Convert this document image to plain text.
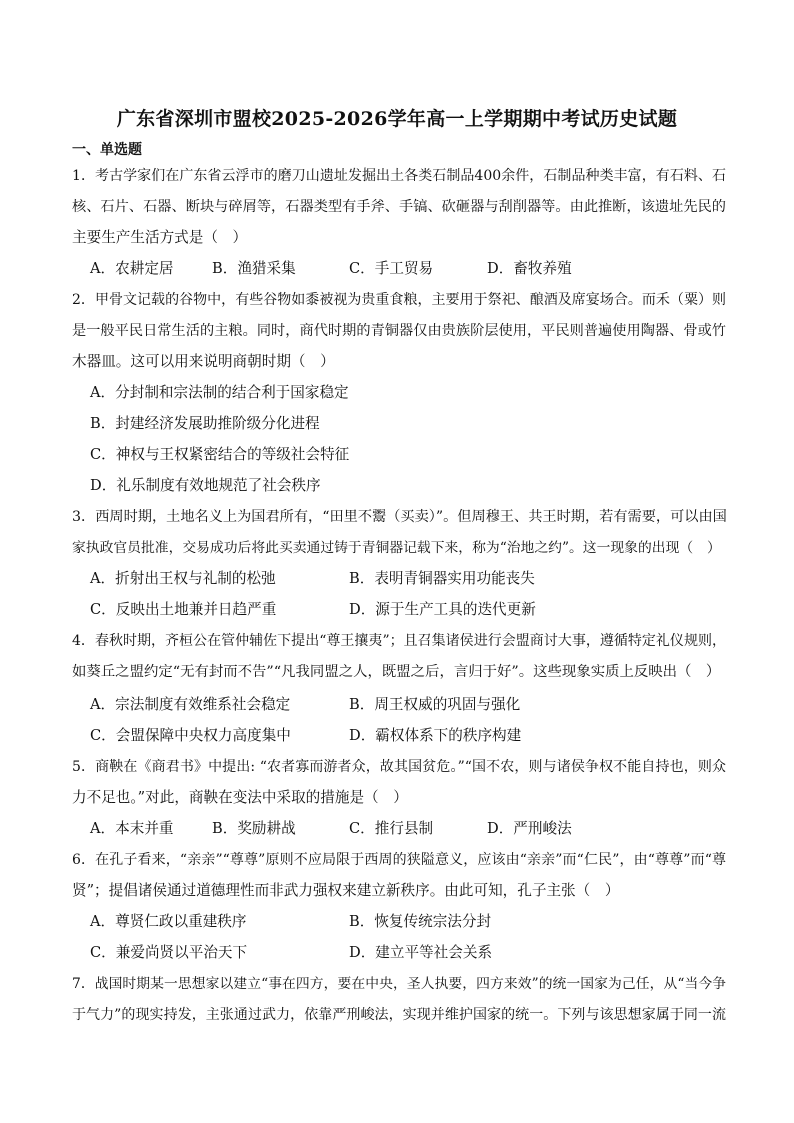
广东省深圳市盟校2025-2026学年高一上学期期中考试历史试题
一、单选题
1．考古学家们在广东省云浮市的磨刀山遗址发掘出土各类石制品400余件，石制品种类丰富，有石料、石
核、石片、石器、断块与碎屑等，石器类型有手斧、手镐、砍砸器与刮削器等。由此推断，该遗址先民的
主要生产生活方式是（　）
A．农耕定居	B．渔猎采集	C．手工贸易	D．畜牧养殖
2．甲骨文记载的谷物中，有些谷物如黍被视为贵重食粮，主要用于祭祀、酿酒及席宴场合。而禾（粟）则
是一般平民日常生活的主粮。同时，商代时期的青铜器仅由贵族阶层使用，平民则普遍使用陶器、骨或竹
木器皿。这可以用来说明商朝时期（　）
A．分封制和宗法制的结合利于国家稳定
B．封建经济发展助推阶级分化进程
C．神权与王权紧密结合的等级社会特征
D．礼乐制度有效地规范了社会秩序
3．西周时期，土地名义上为国君所有，“田里不鬻（买卖）”。但周穆王、共王时期，若有需要，可以由国
家执政官员批准，交易成功后将此买卖通过铸于青铜器记载下来，称为“治地之约”。这一现象的出现（　）
A．折射出王权与礼制的松弛	B．表明青铜器实用功能丧失
C．反映出土地兼并日趋严重	D．源于生产工具的迭代更新
4．春秋时期，齐桓公在管仲辅佐下提出“尊王攘夷”；且召集诸侯进行会盟商讨大事，遵循特定礼仪规则，
如葵丘之盟约定“无有封而不告”“凡我同盟之人，既盟之后，言归于好”。这些现象实质上反映出（　）
A．宗法制度有效维系社会稳定	B．周王权威的巩固与强化
C．会盟保障中央权力高度集中	D．霸权体系下的秩序构建
5．商鞅在《商君书》中提出: “农者寡而游者众，故其国贫危。”“国不农，则与诸侯争权不能自持也，则众
力不足也。”对此，商鞅在变法中采取的措施是（　）
A．本末并重	B．奖励耕战	C．推行县制	D．严刑峻法
6．在孔子看来，“亲亲”“尊尊”原则不应局限于西周的狭隘意义，应该由“亲亲”而“仁民”，由“尊尊”而“尊
贤”；提倡诸侯通过道德理性而非武力强权来建立新秩序。由此可知，孔子主张（　）
A．尊贤仁政以重建秩序	B．恢复传统宗法分封
C．兼爱尚贤以平治天下	D．建立平等社会关系
7．战国时期某一思想家以建立“事在四方，要在中央，圣人执要，四方来效”的统一国家为己任，从“当今争
于气力”的现实持发，主张通过武力，依靠严刑峻法，实现并维护国家的统一。下列与该思想家属于同一流
